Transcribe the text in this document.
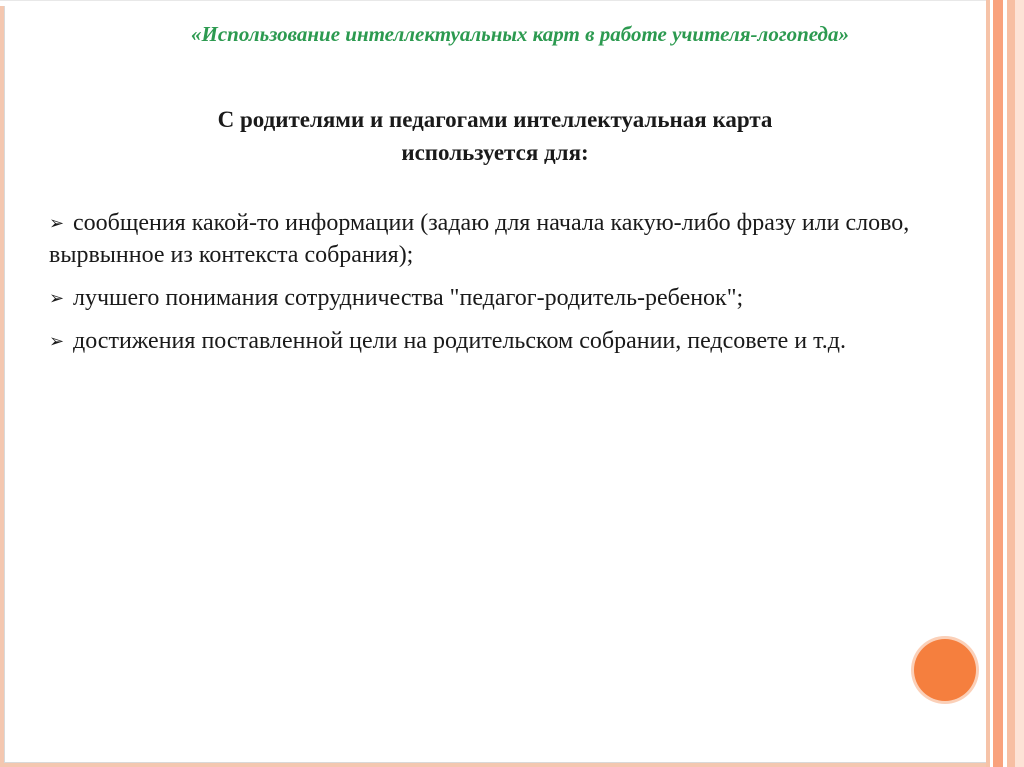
«Использование интеллектуальных карт в работе учителя-логопеда»
С родителями и педагогами интеллектуальная карта
используется для:
➢ сообщения какой-то информации (задаю для начала какую-либо фразу или слово, вырвынное из контекста собрания);
➢ лучшего понимания сотрудничества "педагог-родитель-ребенок";
➢ достижения поставленной цели на родительском собрании, педсовете и т.д.
